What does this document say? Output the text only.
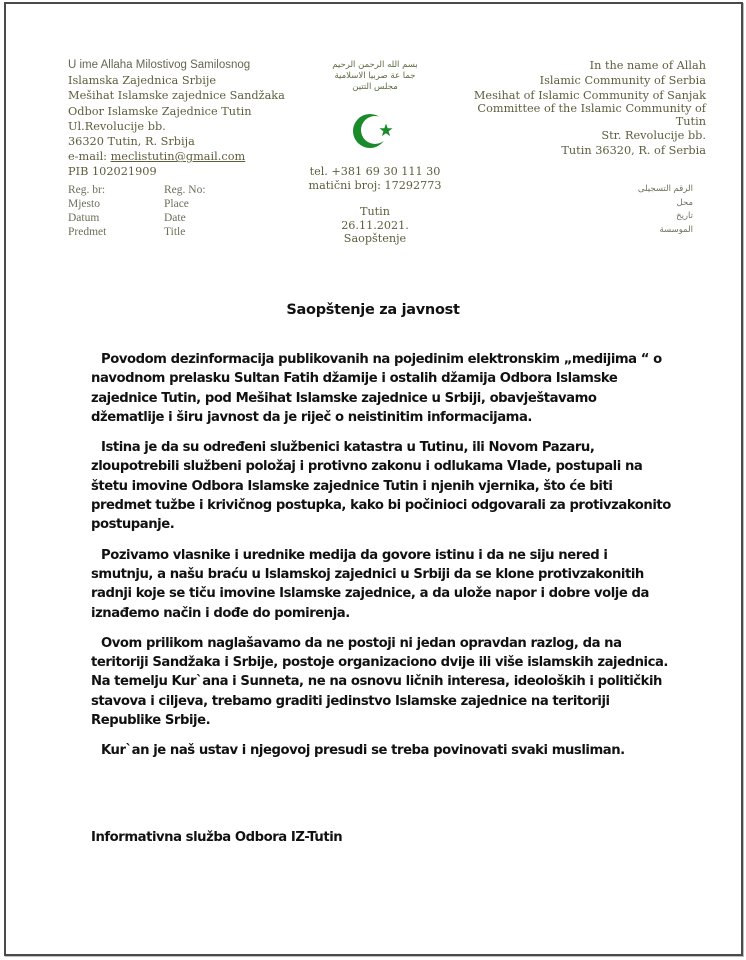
U ime Allaha Milostivog Samilosnog
Islamska Zajednica Srbije
Mešihat Islamske zajednice Sandžaka
Odbor Islamske Zajednice Tutin
Ul.Revolucije bb.
36320 Tutin, R. Srbija
e-mail: meclistutin@gmail.com
PIB 102021909
Reg. br:	Reg. No:
Mjesto	Place
Datum	Date
Predmet	Title
بسم الله الرحمن الرحيم
جما عة صربيا الاسلامية
مجلس التتين
tel. +381 69 30 111 30
matični broj: 17292773
Tutin
26.11.2021.
Saopštenje
In the name of Allah
Islamic Community of Serbia
Mesihat of Islamic Community of Sanjak
Committee of the Islamic Community of
Tutin
Str. Revolucije bb.
Tutin 36320, R. of Serbia
الرقم التسجيلى
محل
تاريخ
الموسسة
Saopštenje za javnost

Povodom dezinformacija publikovanih na pojedinim elektronskim „medijima “ o navodnom prelasku Sultan Fatih džamije i ostalih džamija Odbora Islamske zajednice Tutin, pod Mešihat Islamske zajednice u Srbiji, obavještavamo džematlije i širu javnost da je riječ o neistinitim informacijama.

Istina je da su određeni službenici katastra u Tutinu, ili Novom Pazaru, zloupotrebili službeni položaj i protivno zakonu i odlukama Vlade, postupali na štetu imovine Odbora Islamske zajednice Tutin i njenih vjernika, što će biti predmet tužbe i krivičnog postupka, kako bi počinioci odgovarali za protivzakonito postupanje.

Pozivamo vlasnike i urednike medija da govore istinu i da ne siju nered i smutnju, a našu braću u Islamskoj zajednici u Srbiji da se klone protivzakonitih radnji koje se tiču imovine Islamske zajednice, a da ulože napor i dobre volje da iznađemo način i dođe do pomirenja.

Ovom prilikom naglašavamo da ne postoji ni jedan opravdan razlog, da na teritoriji Sandžaka i Srbije, postoje organizaciono dvije ili više islamskih zajednica. Na temelju Kur`ana i Sunneta, ne na osnovu ličnih interesa, ideoloških i političkih stavova i ciljeva, trebamo graditi jedinstvo Islamske zajednice na teritoriji Republike Srbije.

Kur`an je naš ustav i njegovoj presudi se treba povinovati svaki musliman.

Informativna služba Odbora IZ-Tutin
